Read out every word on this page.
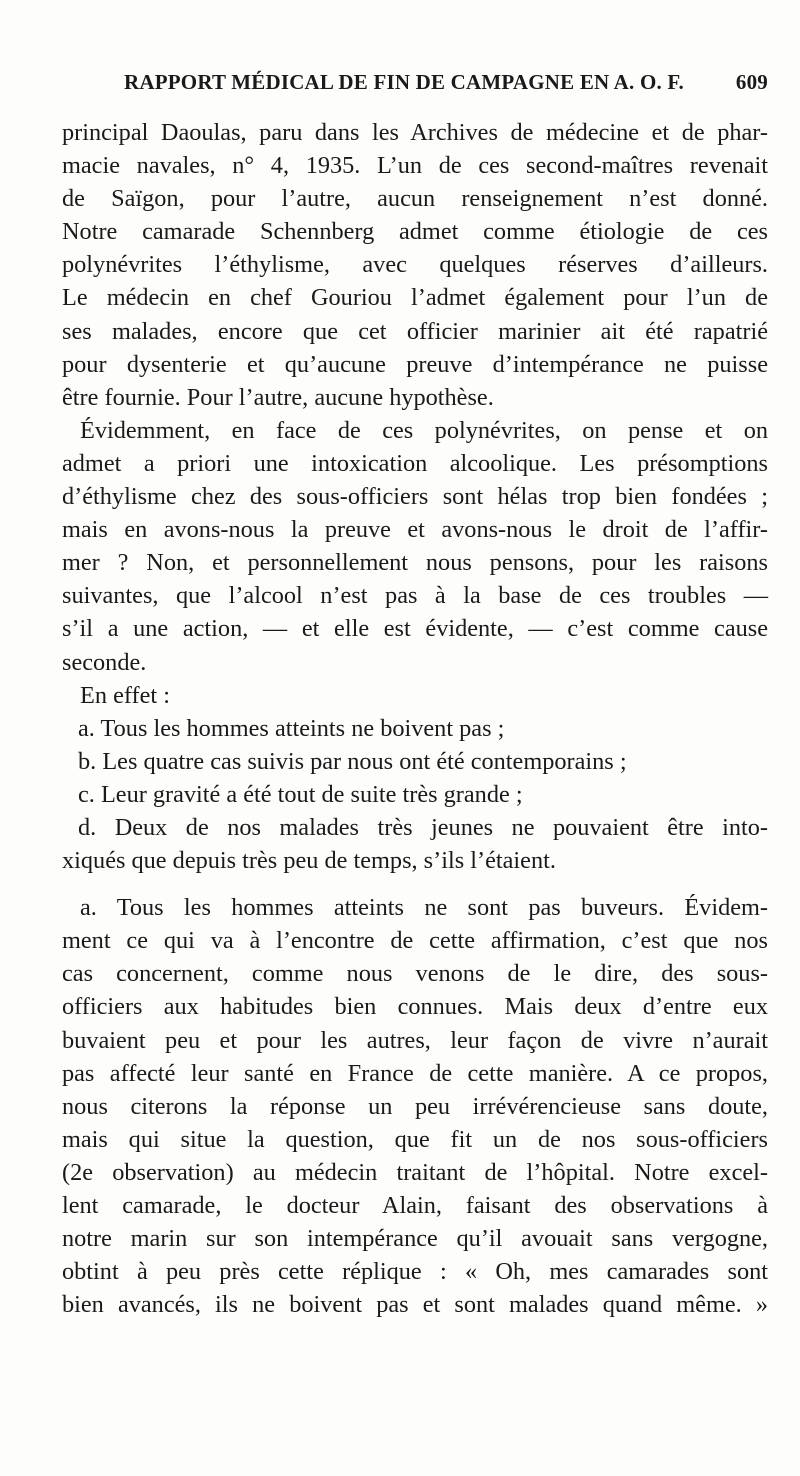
RAPPORT MÉDICAL DE FIN DE CAMPAGNE EN A. O. F. 609

principal Daoulas, paru dans les Archives de médecine et de phar-
macie navales, n° 4, 1935. L’un de ces second-maîtres revenait
de Saïgon, pour l’autre, aucun renseignement n’est donné.
Notre camarade Schennberg admet comme étiologie de ces
polynévrites l’éthylisme, avec quelques réserves d’ailleurs.
Le médecin en chef Gouriou l’admet également pour l’un de
ses malades, encore que cet officier marinier ait été rapatrié
pour dysenterie et qu’aucune preuve d’intempérance ne puisse
être fournie. Pour l’autre, aucune hypothèse.

Évidemment, en face de ces polynévrites, on pense et on
admet a priori une intoxication alcoolique. Les présomptions
d’éthylisme chez des sous-officiers sont hélas trop bien fondées ;
mais en avons-nous la preuve et avons-nous le droit de l’affir-
mer ? Non, et personnellement nous pensons, pour les raisons
suivantes, que l’alcool n’est pas à la base de ces troubles —
s’il a une action, — et elle est évidente, — c’est comme cause
seconde.

En effet :

a. Tous les hommes atteints ne boivent pas ;
b. Les quatre cas suivis par nous ont été contemporains ;
c. Leur gravité a été tout de suite très grande ;
d. Deux de nos malades très jeunes ne pouvaient être into-
xiqués que depuis très peu de temps, s’ils l’étaient.

a. Tous les hommes atteints ne sont pas buveurs. Évidem-
ment ce qui va à l’encontre de cette affirmation, c’est que nos
cas concernent, comme nous venons de le dire, des sous-
officiers aux habitudes bien connues. Mais deux d’entre eux
buvaient peu et pour les autres, leur façon de vivre n’aurait
pas affecté leur santé en France de cette manière. A ce propos,
nous citerons la réponse un peu irrévérencieuse sans doute,
mais qui situe la question, que fit un de nos sous-officiers
(2e observation) au médecin traitant de l’hôpital. Notre excel-
lent camarade, le docteur Alain, faisant des observations à
notre marin sur son intempérance qu’il avouait sans vergogne,
obtint à peu près cette réplique : « Oh, mes camarades sont
bien avancés, ils ne boivent pas et sont malades quand même. »
